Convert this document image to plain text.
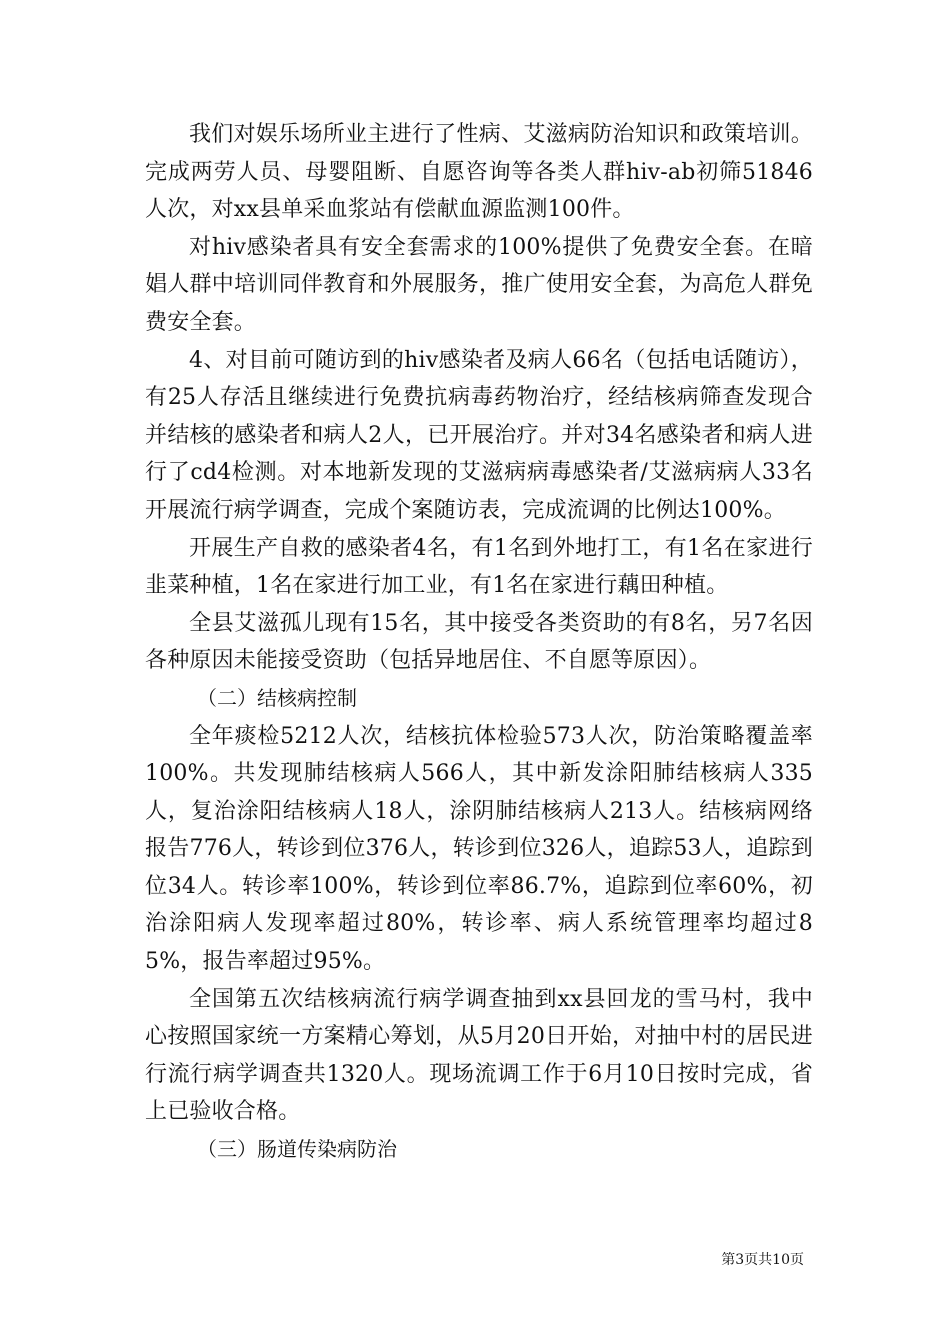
我们对娱乐场所业主进行了性病、艾滋病防治知识和政策培训。完成两劳人员、母婴阻断、自愿咨询等各类人群hiv-ab初筛51846人次，对xx县单采血浆站有偿献血源监测100件。

对hiv感染者具有安全套需求的100%提供了免费安全套。在暗娼人群中培训同伴教育和外展服务，推广使用安全套，为高危人群免费安全套。

4、对目前可随访到的hiv感染者及病人66名（包括电话随访），有25人存活且继续进行免费抗病毒药物治疗，经结核病筛查发现合并结核的感染者和病人2人，已开展治疗。并对34名感染者和病人进行了cd4检测。对本地新发现的艾滋病病毒感染者/艾滋病病人33名开展流行病学调查，完成个案随访表，完成流调的比例达100%。

开展生产自救的感染者4名，有1名到外地打工，有1名在家进行韭菜种植，1名在家进行加工业，有1名在家进行藕田种植。

全县艾滋孤儿现有15名，其中接受各类资助的有8名，另7名因各种原因未能接受资助（包括异地居住、不自愿等原因）。

（二）结核病控制

全年痰检5212人次，结核抗体检验573人次，防治策略覆盖率100%。共发现肺结核病人566人，其中新发涂阳肺结核病人335人，复治涂阳结核病人18人，涂阴肺结核病人213人。结核病网络报告776人，转诊到位376人，转诊到位326人，追踪53人，追踪到位34人。转诊率100%，转诊到位率86.7%，追踪到位率60%，初治涂阳病人发现率超过80%，转诊率、病人系统管理率均超过85%，报告率超过95%。

全国第五次结核病流行病学调查抽到xx县回龙的雪马村，我中心按照国家统一方案精心筹划，从5月20日开始，对抽中村的居民进行流行病学调查共1320人。现场流调工作于6月10日按时完成，省上已验收合格。

（三）肠道传染病防治

第3页共10页
